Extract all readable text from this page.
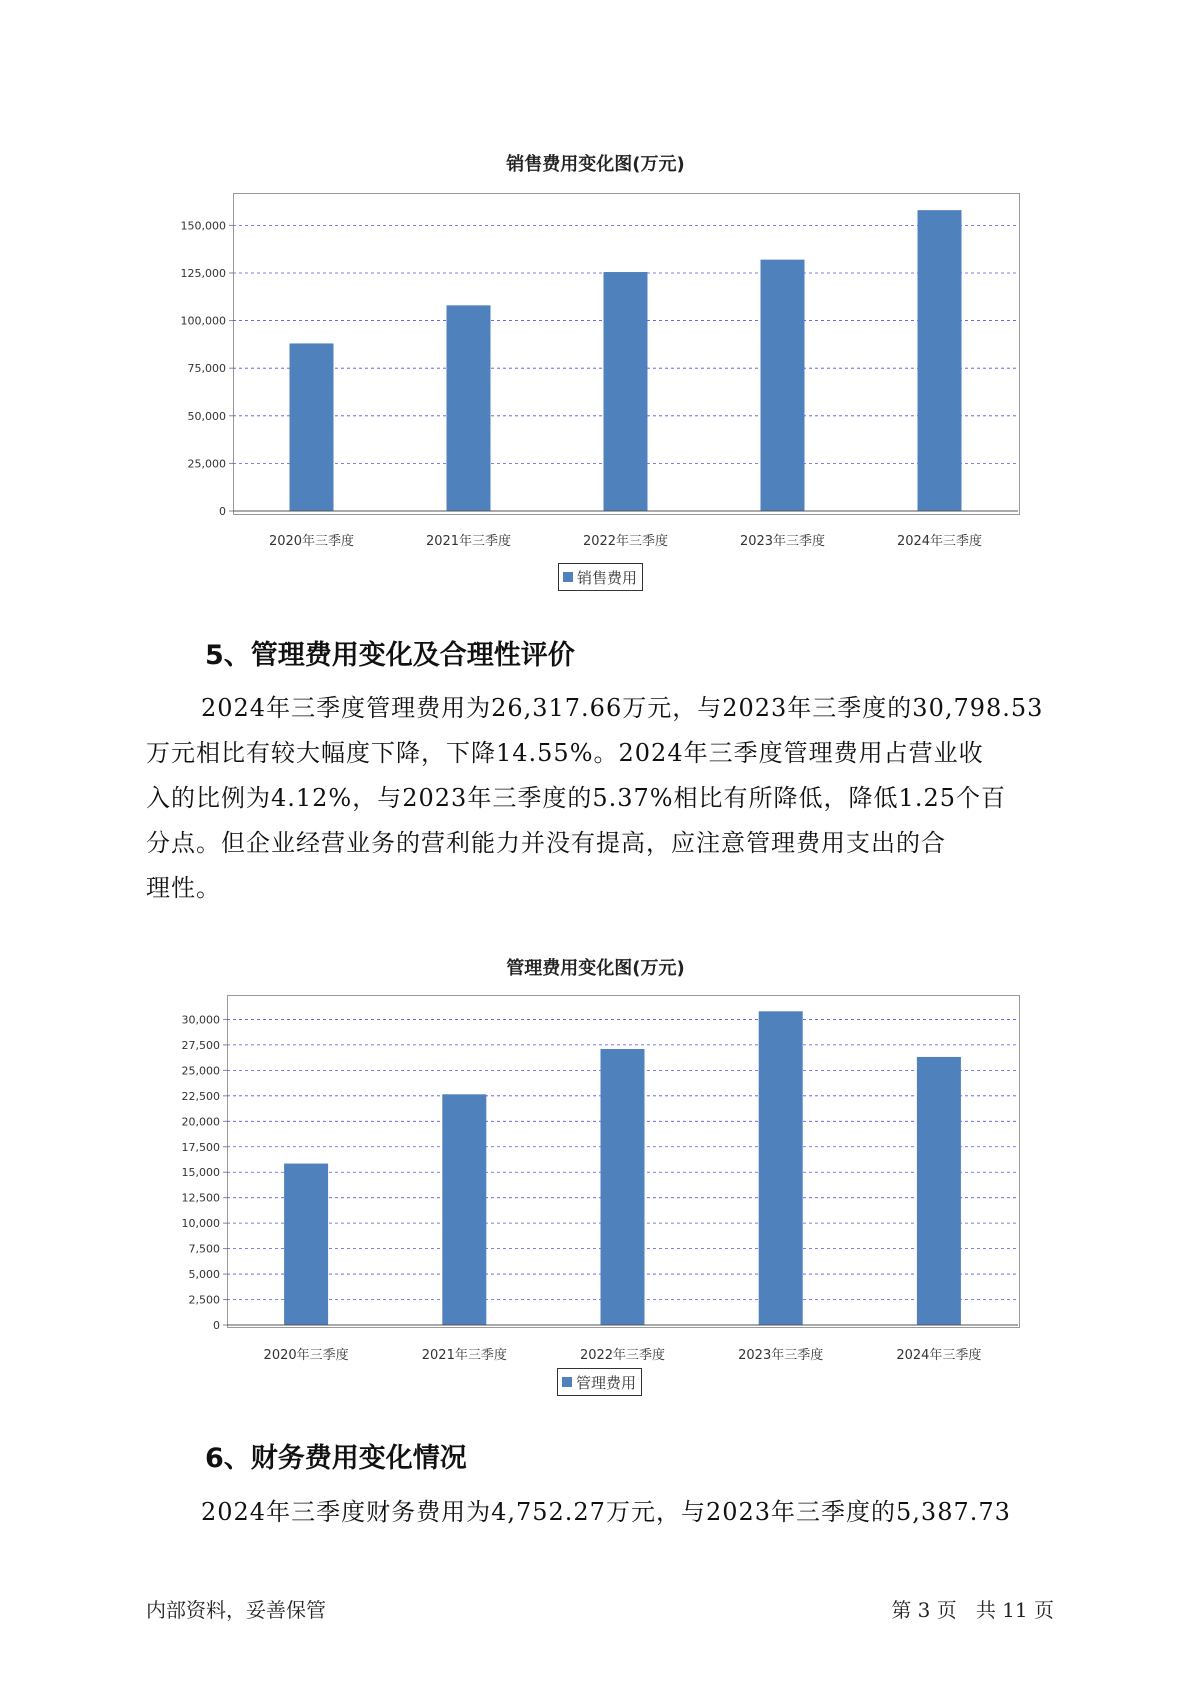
销售费用变化图(万元)
0
25,000
50,000
75,000
100,000
125,000
150,000
2020年三季度	2021年三季度	2022年三季度	2023年三季度	2024年三季度
销售费用
5、管理费用变化及合理性评价
2024年三季度管理费用为26,317.66万元，与2023年三季度的30,798.53
万元相比有较大幅度下降，下降14.55%。2024年三季度管理费用占营业收
入的比例为4.12%，与2023年三季度的5.37%相比有所降低，降低1.25个百
分点。但企业经营业务的营利能力并没有提高，应注意管理费用支出的合
理性。
管理费用变化图(万元)
0
2,500
5,000
7,500
10,000
12,500
15,000
17,500
20,000
22,500
25,000
27,500
30,000
2020年三季度	2021年三季度	2022年三季度	2023年三季度	2024年三季度
管理费用
6、财务费用变化情况
2024年三季度财务费用为4,752.27万元，与2023年三季度的5,387.73
内部资料，妥善保管	第 3 页   共 11 页
